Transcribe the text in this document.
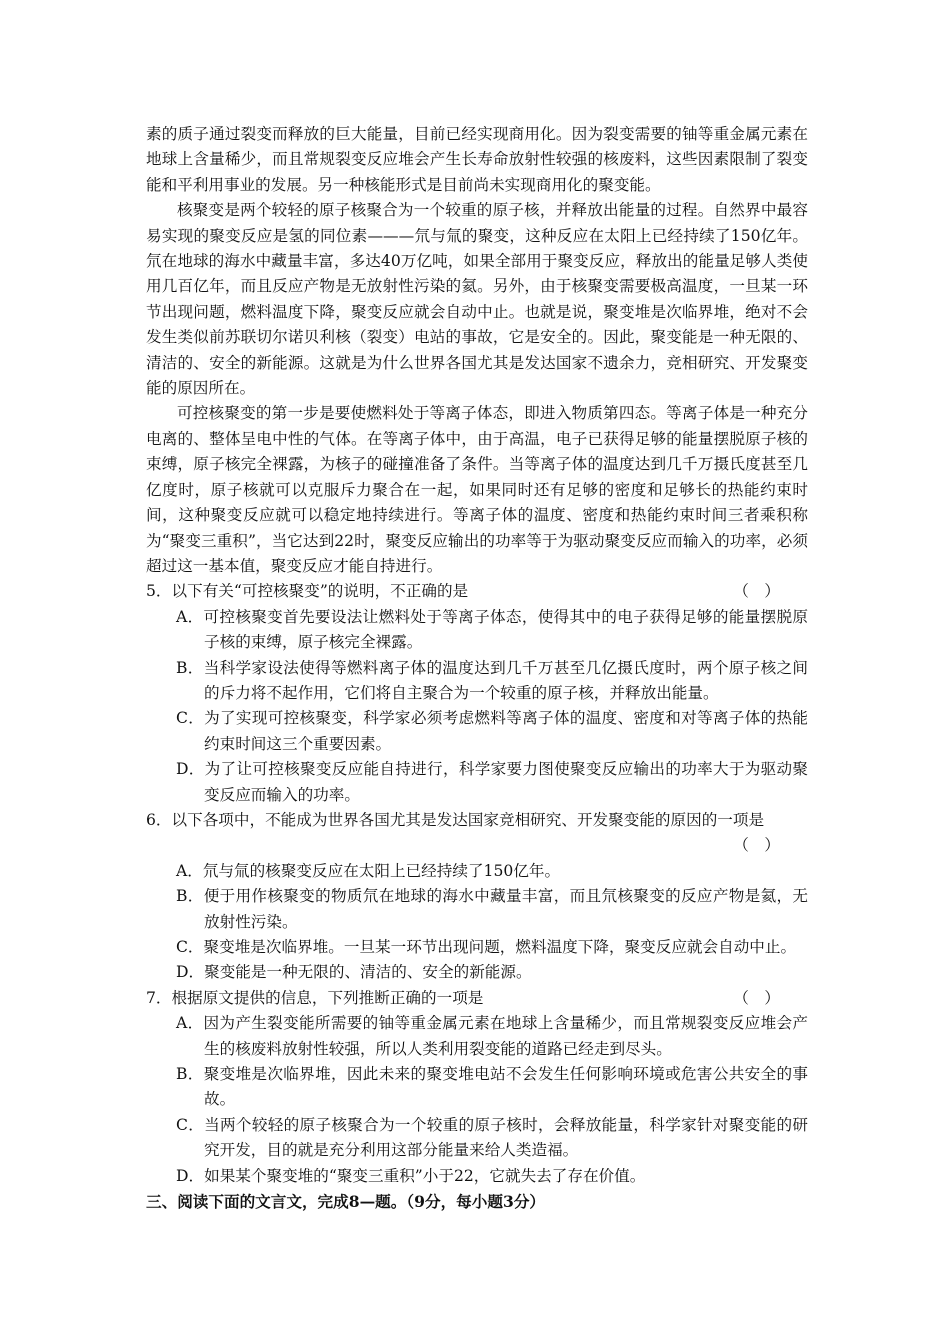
素的质子通过裂变而释放的巨大能量，目前已经实现商用化。因为裂变需要的铀等重金属元素在地球上含量稀少，而且常规裂变反应堆会产生长寿命放射性较强的核废料，这些因素限制了裂变能和平利用事业的发展。另一种核能形式是目前尚未实现商用化的聚变能。

核聚变是两个较轻的原子核聚合为一个较重的原子核，并释放出能量的过程。自然界中最容易实现的聚变反应是氢的同位素———氘与氚的聚变，这种反应在太阳上已经持续了150亿年。氘在地球的海水中藏量丰富，多达40万亿吨，如果全部用于聚变反应，释放出的能量足够人类使用几百亿年，而且反应产物是无放射性污染的氦。另外，由于核聚变需要极高温度，一旦某一环节出现问题，燃料温度下降，聚变反应就会自动中止。也就是说，聚变堆是次临界堆，绝对不会发生类似前苏联切尔诺贝利核（裂变）电站的事故，它是安全的。因此，聚变能是一种无限的、清洁的、安全的新能源。这就是为什么世界各国尤其是发达国家不遗余力，竞相研究、开发聚变能的原因所在。

可控核聚变的第一步是要使燃料处于等离子体态，即进入物质第四态。等离子体是一种充分电离的、整体呈电中性的气体。在等离子体中，由于高温，电子已获得足够的能量摆脱原子核的束缚，原子核完全裸露，为核子的碰撞准备了条件。当等离子体的温度达到几千万摄氏度甚至几亿度时，原子核就可以克服斥力聚合在一起，如果同时还有足够的密度和足够长的热能约束时间，这种聚变反应就可以稳定地持续进行。等离子体的温度、密度和热能约束时间三者乘积称为“聚变三重积”，当它达到22时，聚变反应输出的功率等于为驱动聚变反应而输入的功率，必须超过这一基本值，聚变反应才能自持进行。

5．以下有关“可控核聚变”的说明，不正确的是	（　）

A．可控核聚变首先要设法让燃料处于等离子体态，使得其中的电子获得足够的能量摆脱原子核的束缚，原子核完全裸露。

B．当科学家设法使得等燃料离子体的温度达到几千万甚至几亿摄氏度时，两个原子核之间的斥力将不起作用，它们将自主聚合为一个较重的原子核，并释放出能量。

C．为了实现可控核聚变，科学家必须考虑燃料等离子体的温度、密度和对等离子体的热能约束时间这三个重要因素。

D．为了让可控核聚变反应能自持进行，科学家要力图使聚变反应输出的功率大于为驱动聚变反应而输入的功率。

6．以下各项中，不能成为世界各国尤其是发达国家竞相研究、开发聚变能的原因的一项是

（　）

A．氘与氚的核聚变反应在太阳上已经持续了150亿年。

B．便于用作核聚变的物质氘在地球的海水中藏量丰富，而且氘核聚变的反应产物是氦，无放射性污染。

C．聚变堆是次临界堆。一旦某一环节出现问题，燃料温度下降，聚变反应就会自动中止。

D．聚变能是一种无限的、清洁的、安全的新能源。

7．根据原文提供的信息，下列推断正确的一项是	（　）

A．因为产生裂变能所需要的铀等重金属元素在地球上含量稀少，而且常规裂变反应堆会产生的核废料放射性较强，所以人类利用裂变能的道路已经走到尽头。

B．聚变堆是次临界堆，因此未来的聚变堆电站不会发生任何影响环境或危害公共安全的事故。

C．当两个较轻的原子核聚合为一个较重的原子核时，会释放能量，科学家针对聚变能的研究开发，目的就是充分利用这部分能量来给人类造福。

D．如果某个聚变堆的“聚变三重积”小于22，它就失去了存在价值。

三、阅读下面的文言文，完成8—题。（9分，每小题3分）
